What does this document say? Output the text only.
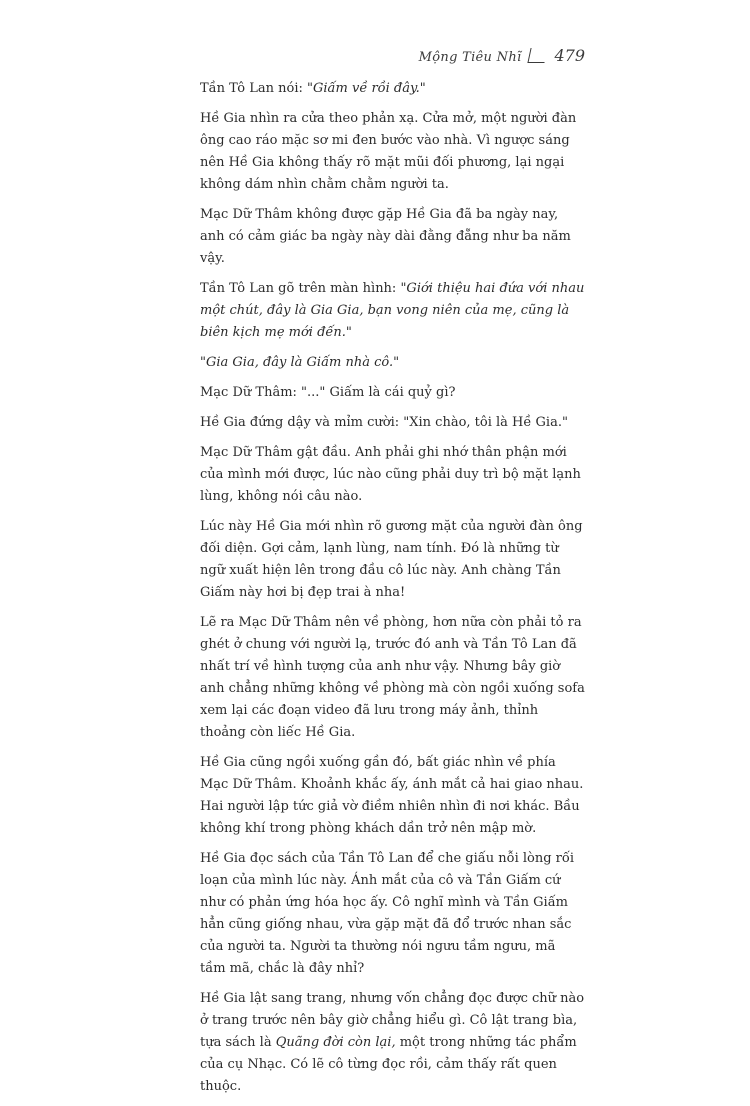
Mộng Tiêu Nhĩ 479

Tần Tô Lan nói: "Giấm về rồi đây."

Hề Gia nhìn ra cửa theo phản xạ. Cửa mở, một người đàn ông cao ráo mặc sơ mi đen bước vào nhà. Vì ngược sáng nên Hề Gia không thấy rõ mặt mũi đối phương, lại ngại không dám nhìn chằm chằm người ta.

Mạc Dữ Thâm không được gặp Hề Gia đã ba ngày nay, anh có cảm giác ba ngày này dài đằng đẵng như ba năm vậy.

Tần Tô Lan gõ trên màn hình: "Giới thiệu hai đứa với nhau một chút, đây là Gia Gia, bạn vong niên của mẹ, cũng là biên kịch mẹ mới đến."

"Gia Gia, đây là Giấm nhà cô."

Mạc Dữ Thâm: "..." Giấm là cái quỷ gì?

Hề Gia đứng dậy và mỉm cười: "Xin chào, tôi là Hề Gia."

Mạc Dữ Thâm gật đầu. Anh phải ghi nhớ thân phận mới của mình mới được, lúc nào cũng phải duy trì bộ mặt lạnh lùng, không nói câu nào.

Lúc này Hề Gia mới nhìn rõ gương mặt của người đàn ông đối diện. Gợi cảm, lạnh lùng, nam tính. Đó là những từ ngữ xuất hiện lên trong đầu cô lúc này. Anh chàng Tần Giấm này hơi bị đẹp trai à nha!

Lẽ ra Mạc Dữ Thâm nên về phòng, hơn nữa còn phải tỏ ra ghét ở chung với người lạ, trước đó anh và Tần Tô Lan đã nhất trí về hình tượng của anh như vậy. Nhưng bây giờ anh chẳng những không về phòng mà còn ngồi xuống sofa xem lại các đoạn video đã lưu trong máy ảnh, thỉnh thoảng còn liếc Hề Gia.

Hề Gia cũng ngồi xuống gần đó, bất giác nhìn về phía Mạc Dữ Thâm. Khoảnh khắc ấy, ánh mắt cả hai giao nhau. Hai người lập tức giả vờ điềm nhiên nhìn đi nơi khác. Bầu không khí trong phòng khách dần trở nên mập mờ.

Hề Gia đọc sách của Tần Tô Lan để che giấu nỗi lòng rối loạn của mình lúc này. Ánh mắt của cô và Tần Giấm cứ như có phản ứng hóa học ấy. Cô nghĩ mình và Tần Giấm hẳn cũng giống nhau, vừa gặp mặt đã đổ trước nhan sắc của người ta. Người ta thường nói ngưu tầm ngưu, mã tầm mã, chắc là đây nhỉ?

Hề Gia lật sang trang, nhưng vốn chẳng đọc được chữ nào ở trang trước nên bây giờ chẳng hiểu gì. Cô lật trang bìa, tựa sách là Quãng đời còn lại, một trong những tác phẩm của cụ Nhạc. Có lẽ cô từng đọc rồi, cảm thấy rất quen thuộc.
